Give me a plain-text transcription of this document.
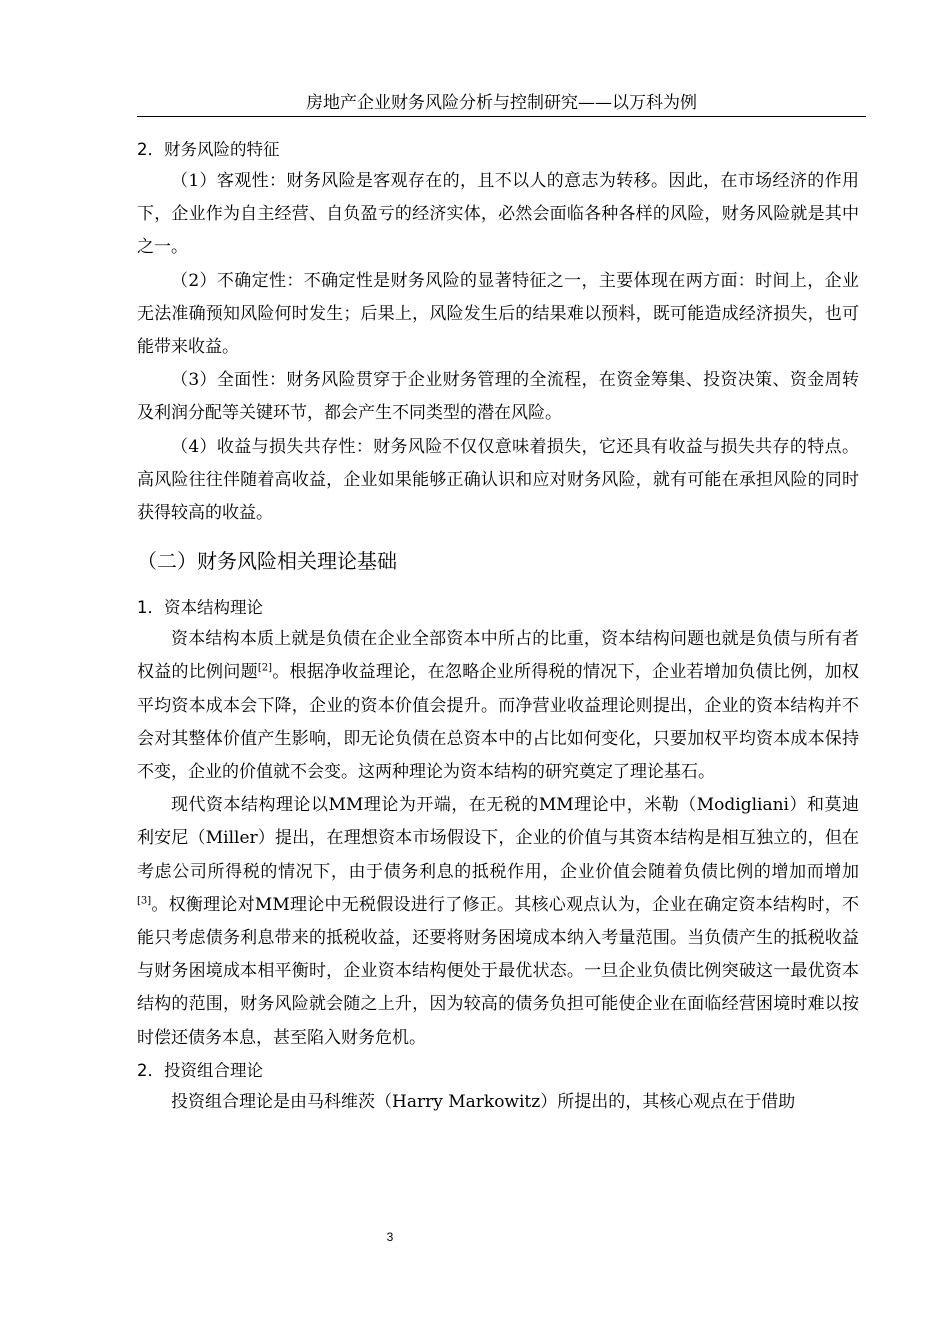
房地产企业财务风险分析与控制研究——以万科为例
2．财务风险的特征

（1）客观性：财务风险是客观存在的，且不以人的意志为转移。因此，在市场经济的作用下，企业作为自主经营、自负盈亏的经济实体，必然会面临各种各样的风险，财务风险就是其中之一。

（2）不确定性：不确定性是财务风险的显著特征之一，主要体现在两方面：时间上，企业无法准确预知风险何时发生；后果上，风险发生后的结果难以预料，既可能造成经济损失，也可能带来收益。

（3）全面性：财务风险贯穿于企业财务管理的全流程，在资金筹集、投资决策、资金周转及利润分配等关键环节，都会产生不同类型的潜在风险。

（4）收益与损失共存性：财务风险不仅仅意味着损失，它还具有收益与损失共存的特点。高风险往往伴随着高收益，企业如果能够正确认识和应对财务风险，就有可能在承担风险的同时获得较高的收益。

（二）财务风险相关理论基础
1．资本结构理论

资本结构本质上就是负债在企业全部资本中所占的比重，资本结构问题也就是负债与所有者权益的比例问题[2]。根据净收益理论，在忽略企业所得税的情况下，企业若增加负债比例，加权平均资本成本会下降，企业的资本价值会提升。而净营业收益理论则提出，企业的资本结构并不会对其整体价值产生影响，即无论负债在总资本中的占比如何变化，只要加权平均资本成本保持不变，企业的价值就不会变。这两种理论为资本结构的研究奠定了理论基石。

现代资本结构理论以MM理论为开端，在无税的MM理论中，米勒（Modigliani）和莫迪利安尼（Miller）提出，在理想资本市场假设下，企业的价值与其资本结构是相互独立的，但在考虑公司所得税的情况下，由于债务利息的抵税作用，企业价值会随着负债比例的增加而增加[3]。权衡理论对MM理论中无税假设进行了修正。其核心观点认为，企业在确定资本结构时，不能只考虑债务利息带来的抵税收益，还要将财务困境成本纳入考量范围。当负债产生的抵税收益与财务困境成本相平衡时，企业资本结构便处于最优状态。一旦企业负债比例突破这一最优资本结构的范围，财务风险就会随之上升，因为较高的债务负担可能使企业在面临经营困境时难以按时偿还债务本息，甚至陷入财务危机。

2．投资组合理论

投资组合理论是由马科维茨（Harry Markowitz）所提出的，其核心观点在于借助

3
